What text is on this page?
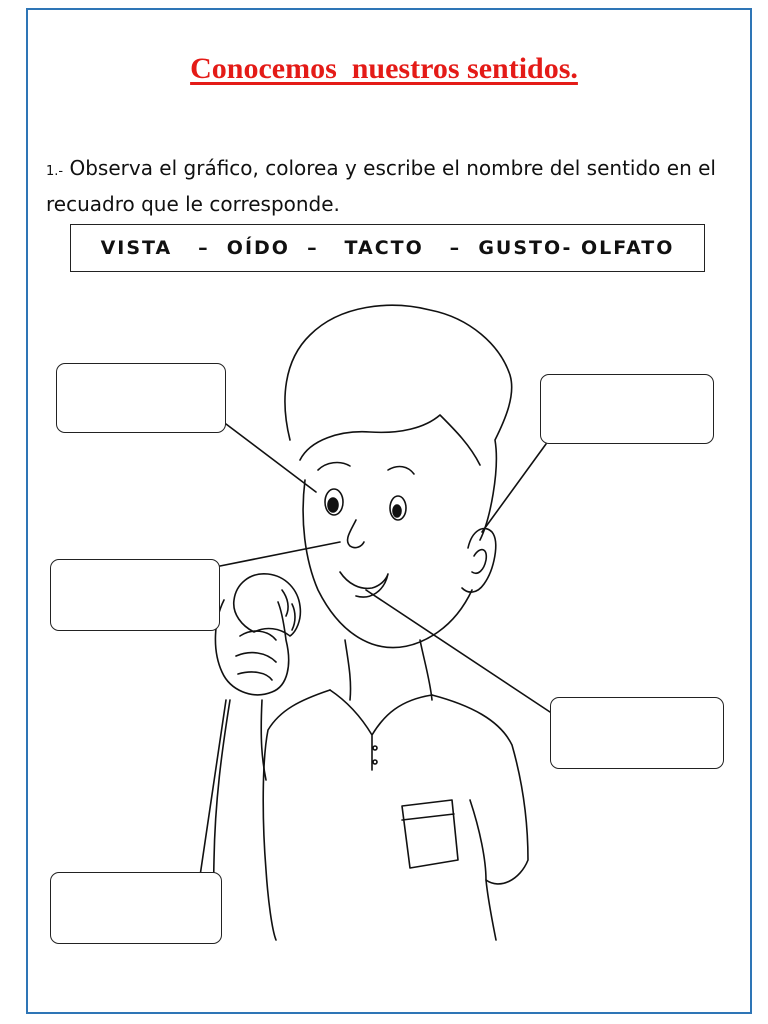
Conocemos  nuestros sentidos.
1.- Observa el gráfico, colorea y escribe el nombre del sentido en el recuadro que le corresponde.
VISTA   –  OÍDO  –   TACTO   –  GUSTO- OLFATO
